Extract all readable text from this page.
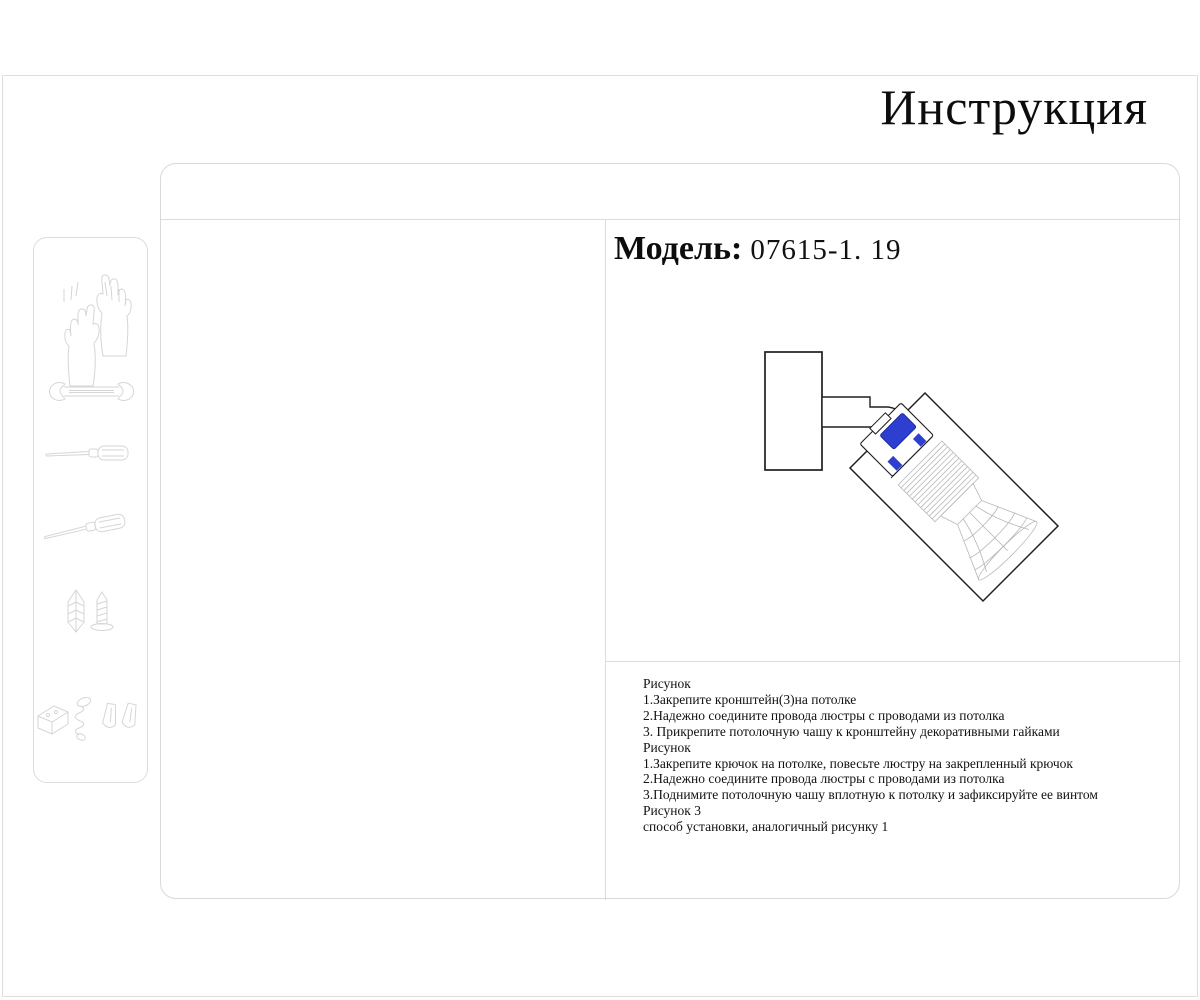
Инструкция
Модель: 07615-1. 19
Рисунок
1.Закрепите кронштейн(3)на потолке
2.Надежно соедините провода люстры с проводами из потолка
3. Прикрепите потолочную чашу к кронштейну декоративными гайками
Рисунок
1.Закрепите крючок на потолке, повесьте люстру на закрепленный крючок
2.Надежно соедините провода люстры с проводами из потолка
3.Поднимите потолочную чашу вплотную к потолку и зафиксируйте ее винтом
Рисунок 3
способ установки, аналогичный рисунку 1
